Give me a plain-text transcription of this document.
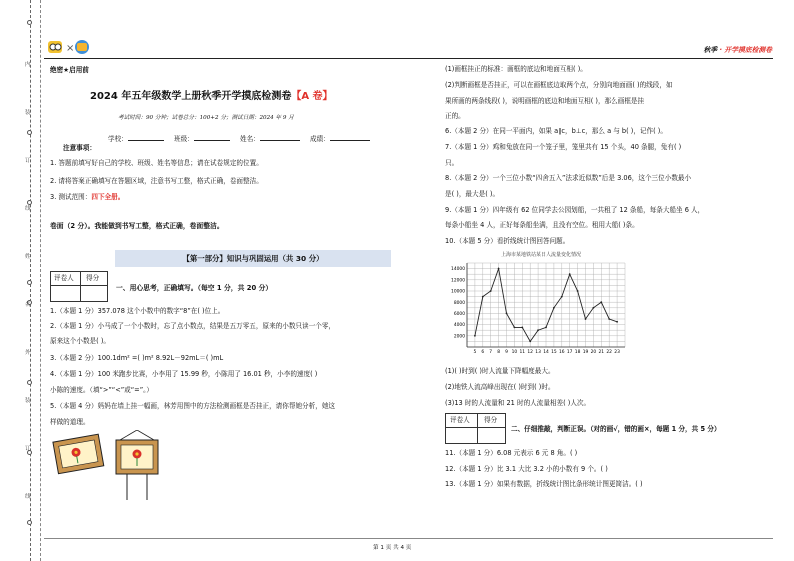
内
装
订
线
姓
名
外
装
订
线
×	秋季 · 开学摸底检测卷
绝密★启用前
2024 年五年级数学上册秋季开学摸底检测卷【A 卷】
考试时间：90 分钟；试卷总分：100+2 分；测试日期：2024 年 9 月
学校：	班级：	姓名：	成绩：
注意事项：
1. 答题前填写好自己的学校、班级、姓名等信息；请在试卷规定的位置。
2. 请将答案正确填写在答题区域，注意书写工整，格式正确，卷面整洁。
3. 测试范围：四下全册。
卷面（2 分）。我能做到书写工整，格式正确，卷面整洁。
【第一部分】知识与巩固运用（共 30 分）
评卷人 得分
一、用心思考，正确填写。（每空 1 分，共 20 分）
1.（本题 1 分）357.078 这个小数中的数字“8”在( )位上。
2.（本题 1 分）小马成了一个小数时，忘了点小数点，结果是五万零五，原来的小数只读一个零，
原来这个小数是( )。
3.（本题 2 分）100.1dm² =( )m² 8.92L－92mL＝( )mL
4.（本题 1 分）100 米跑步比赛，小李用了 15.99 秒，小陈用了 16.01 秒，小李的速度( )
小陈的速度。（填“>”“<”或“=”。）
5.（本题 4 分）妈妈在墙上挂一幅画，林芳用图中的方法检测画框是否挂正，请你帮她分析，她这
样做的道理。
(1)画框挂正的标准：画框的底边和地面互相( )。
(2)判断画框是否挂正，可以在画框底边取两个点，分别向地面画( )的线段，如
果所画的两条线段( )，说明画框的底边和地面互相( )，那么画框是挂
正的。
6.（本题 2 分）在同一平面内，如果 a∥c，b⊥c，那么 a 与 b( )，记作( )。
7.（本题 1 分）鸡和兔放在同一个笼子里，笼里共有 15 个头，40 条腿，兔有( )
只。
8.（本题 2 分）一个三位小数“四舍五入”法求近似数”后是 3.06，这个三位小数最小
是( )，最大是( )。
9.（本题 1 分）四年级有 62 位同学去公园划船，一共租了 12 条船，每条大船坐 6 人，
每条小船坐 4 人，正好每条船坐满，且没有空位。租用大船( )条。
10.（本题 5 分）看折线统计图回答问题。
上海市某地铁站某日人流量变化情况
2000
4000
6000
8000
10000
12000
14000
5 6 7 8 9 10 11 12 13 14 15 16 17 18 19 20 21 22 23
(1)( )时到( )时人流量下降幅度最大。
(2)地铁人流高峰出现在( )时到( )时。
(3)13 时的人流量和 21 时的人流量相差( )人次。
评卷人 得分
二、仔细推敲，判断正误。（对的画√，错的画×，每题 1 分，共 5 分）
11.（本题 1 分）6.08 元表示 6 元 8 角。( )
12.（本题 1 分）比 3.1 大比 3.2 小的小数有 9 个。( )
13.（本题 1 分）如果有数据，折线统计图比条形统计图更简洁。( )
第 1 页 共 4 页
